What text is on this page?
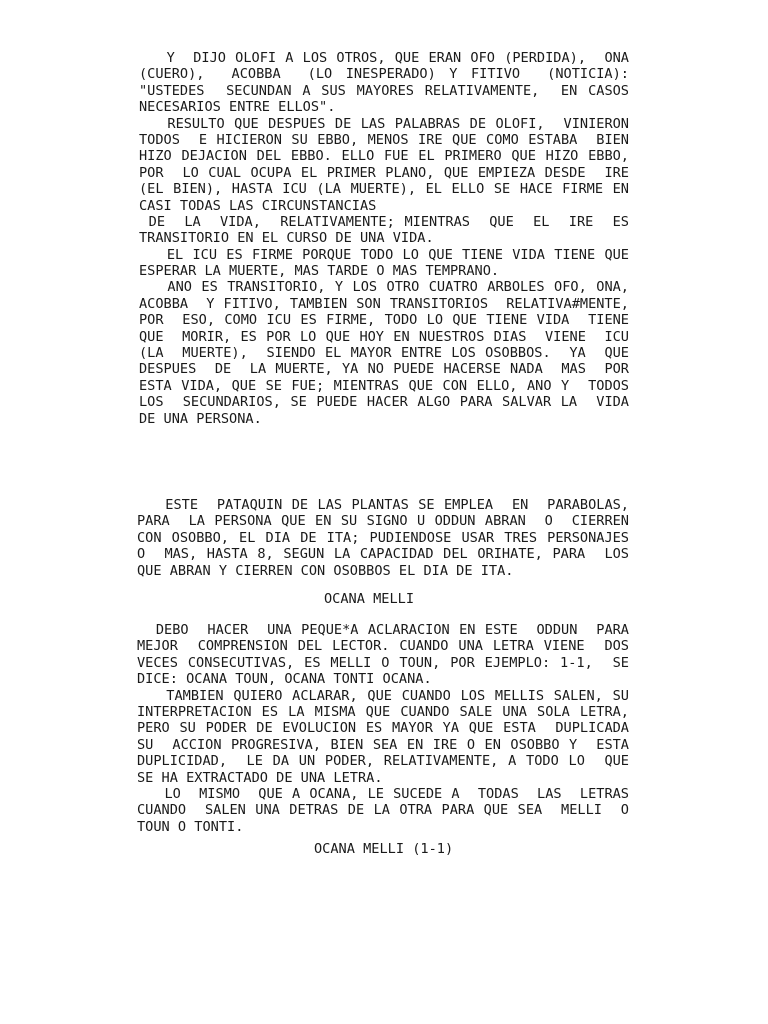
Y  DIJO OLOFI A LOS OTROS, QUE ERAN OFO (PERDIDA),  ONA
(CUERO),  ACOBBA  (LO INESPERADO) Y FITIVO  (NOTICIA):
"USTEDES  SECUNDAN A SUS MAYORES RELATIVAMENTE,  EN CASOS
NECESARIOS ENTRE ELLOS".
RESULTO QUE DESPUES DE LAS PALABRAS DE OLOFI,  VINIERON
TODOS  E HICIERON SU EBBO, MENOS IRE QUE COMO ESTABA  BIEN
HIZO DEJACION DEL EBBO. ELLO FUE EL PRIMERO QUE HIZO EBBO,
POR  LO CUAL OCUPA EL PRIMER PLANO, QUE EMPIEZA DESDE  IRE
(EL BIEN), HASTA ICU (LA MUERTE), EL ELLO SE HACE FIRME EN
CASI TODAS LAS CIRCUNSTANCIAS
DE  LA  VIDA,  RELATIVAMENTE; MIENTRAS  QUE  EL  IRE  ES
TRANSITORIO EN EL CURSO DE UNA VIDA.
EL ICU ES FIRME PORQUE TODO LO QUE TIENE VIDA TIENE QUE
ESPERAR LA MUERTE, MAS TARDE O MAS TEMPRANO.
ANO ES TRANSITORIO, Y LOS OTRO CUATRO ARBOLES OFO, ONA,
ACOBBA  Y FITIVO, TAMBIEN SON TRANSITORIOS  RELATIVA#MENTE,
POR  ESO, COMO ICU ES FIRME, TODO LO QUE TIENE VIDA  TIENE
QUE  MORIR, ES POR LO QUE HOY EN NUESTROS DIAS  VIENE  ICU
(LA  MUERTE),  SIENDO EL MAYOR ENTRE LOS OSOBBOS.  YA  QUE
DESPUES  DE  LA MUERTE, YA NO PUEDE HACERSE NADA  MAS  POR
ESTA VIDA, QUE SE FUE; MIENTRAS QUE CON ELLO, ANO Y  TODOS
LOS  SECUNDARIOS, SE PUEDE HACER ALGO PARA SALVAR LA  VIDA
DE UNA PERSONA.
ESTE  PATAQUIN DE LAS PLANTAS SE EMPLEA  EN  PARABOLAS,
PARA  LA PERSONA QUE EN SU SIGNO U ODDUN ABRAN  O  CIERREN
CON OSOBBO, EL DIA DE ITA; PUDIENDOSE USAR TRES PERSONAJES
O  MAS, HASTA 8, SEGUN LA CAPACIDAD DEL ORIHATE, PARA  LOS
QUE ABRAN Y CIERREN CON OSOBBOS EL DIA DE ITA.
OCANA MELLI
DEBO  HACER  UNA PEQUE*A ACLARACION EN ESTE  ODDUN  PARA
MEJOR  COMPRENSION DEL LECTOR. CUANDO UNA LETRA VIENE  DOS
VECES CONSECUTIVAS, ES MELLI O TOUN, POR EJEMPLO: 1-1,  SE
DICE: OCANA TOUN, OCANA TONTI OCANA.
TAMBIEN QUIERO ACLARAR, QUE CUANDO LOS MELLIS SALEN, SU
INTERPRETACION ES LA MISMA QUE CUANDO SALE UNA SOLA LETRA,
PERO SU PODER DE EVOLUCION ES MAYOR YA QUE ESTA  DUPLICADA
SU  ACCION PROGRESIVA, BIEN SEA EN IRE O EN OSOBBO Y  ESTA
DUPLICIDAD,  LE DA UN PODER, RELATIVAMENTE, A TODO LO  QUE
SE HA EXTRACTADO DE UNA LETRA.
LO  MISMO  QUE A OCANA, LE SUCEDE A  TODAS  LAS  LETRAS
CUANDO  SALEN UNA DETRAS DE LA OTRA PARA QUE SEA  MELLI  O
TOUN O TONTI.
OCANA MELLI (1-1)
